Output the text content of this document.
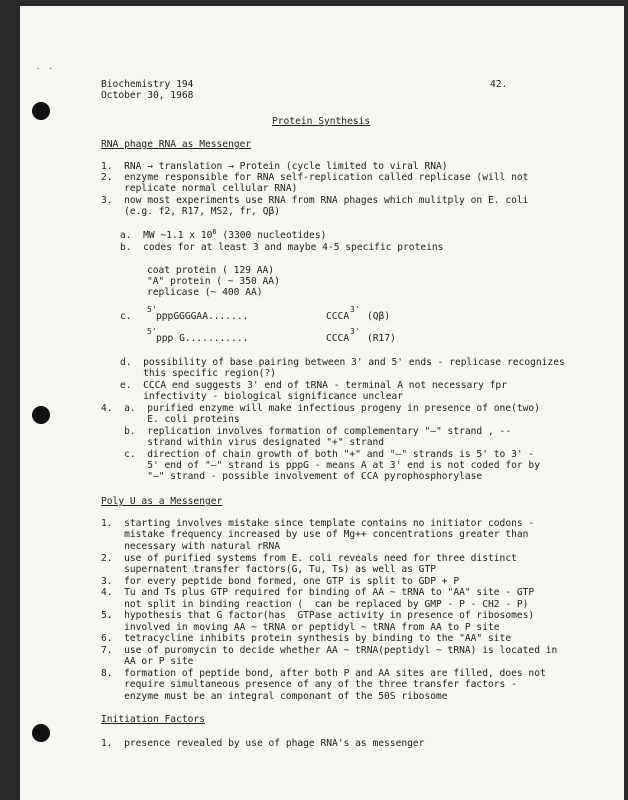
·  ·
Biochemistry 194
October 30, 1968
42.
Protein Synthesis
RNA phage RNA as Messenger
1.  RNA → translation → Protein (cycle limited to viral RNA)
2.  enzyme responsible for RNA self-replication called replicase (will not
replicate normal cellular RNA)
3.  now most experiments use RNA from RNA phages which mulitply on E. coli
(e.g. f2, R17, MS2, fr, Qβ)
a.  MW ~1.1 x $10^6$ (3300 nucleotides)
b.  codes for at least 3 and maybe 4-5 specific proteins
coat protein ( 129 AA)
"A" protein ( ~ 350 AA)
replicase (~ 400 AA)
c.
5'
pppGGGGAA.......	CCCA
3'
(Qβ)
5'
ppp G...........	CCCA
3'
(R17)
d.  possibility of base pairing between 3' and 5' ends - replicase recognizes
this specific region(?)
e.  CCCA end suggests 3' end of tRNA - terminal A not necessary fpr
infectivity - biological significance unclear
4.  a.  purified enzyme will make infectious progeny in presence of one(two)
E. coli proteins
b.  replication involves formation of complementary "–" strand , --
strand within virus designated "+" strand
c.  direction of chain growth of both "+" and "–" strands is 5' to 3' -
5' end of "–" strand is pppG - means A at 3' end is not coded for by
"–" strand - possible involvement of CCA pyrophosphorylase
Poly U as a Messenger
1.  starting involves mistake since template contains no initiator codons -
mistake frequency increased by use of Mg++ concentrations greater than
necessary with natural rRNA
2.  use of purified systems from E. coli reveals need for three distinct
supernatent transfer factors(G, Tu, Ts) as well as GTP
3.  for every peptide bond formed, one GTP is split to GDP + P
4.  Tu and Ts plus GTP required for binding of AA ~ tRNA to "AA" site - GTP
not split in binding reaction (  can be replaced by GMP - P - CH2 - P)
5.  hypothesis that G factor(has  GTPase activity in presence of ribosomes)
involved in moving AA ~ tRNA or peptidyl ~ tRNA from AA to P site
6.  tetracycline inhibits protein synthesis by binding to the "AA" site
7.  use of puromycin to decide whether AA ~ tRNA(peptidyl ~ tRNA) is located in
AA or P site
8.  formation of peptide bond, after both P and AA sites are filled, does not
require simultaneous presence of any of the three transfer factors -
enzyme must be an integral componant of the 50S ribosome
Initiation Factors
1.  presence revealed by use of phage RNA's as messenger
